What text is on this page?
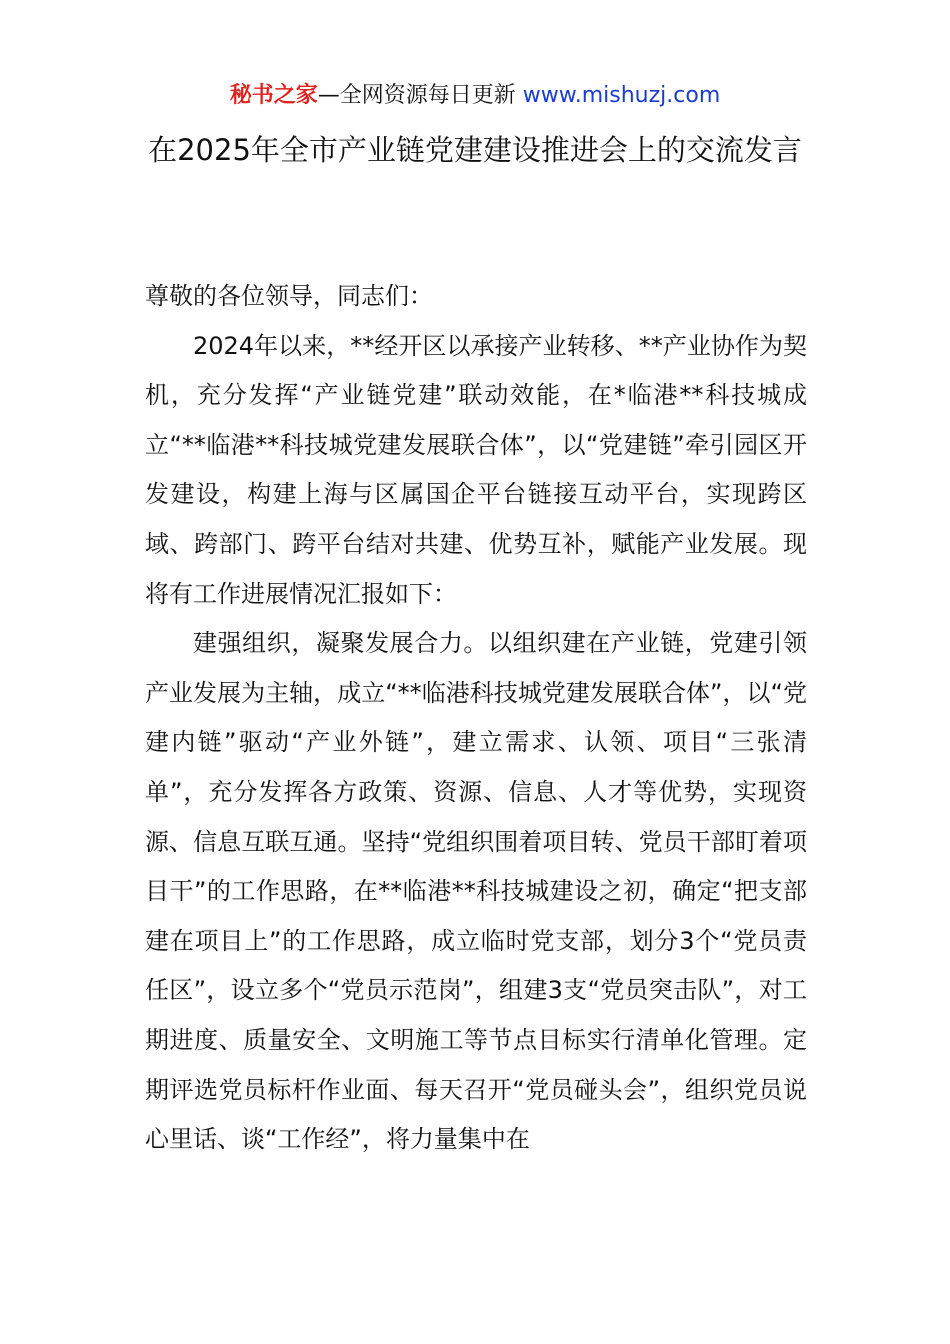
秘书之家—全网资源每日更新 www.mishuzj.com
在2025年全市产业链党建建设推进会上的交流发言

尊敬的各位领导，同志们：

2024年以来，**经开区以承接产业转移、**产业协作为契机，充分发挥“产业链党建”联动效能，在*临港**科技城成立“**临港**科技城党建发展联合体”，以“党建链”牵引园区开发建设，构建上海与区属国企平台链接互动平台，实现跨区域、跨部门、跨平台结对共建、优势互补，赋能产业发展。现将有工作进展情况汇报如下：

建强组织，凝聚发展合力。以组织建在产业链，党建引领产业发展为主轴，成立“**临港科技城党建发展联合体”，以“党建内链”驱动“产业外链”，建立需求、认领、项目“三张清单”，充分发挥各方政策、资源、信息、人才等优势，实现资源、信息互联互通。坚持“党组织围着项目转、党员干部盯着项目干”的工作思路，在**临港**科技城建设之初，确定“把支部建在项目上”的工作思路，成立临时党支部，划分3个“党员责任区”，设立多个“党员示范岗”，组建3支“党员突击队”，对工期进度、质量安全、文明施工等节点目标实行清单化管理。定期评选党员标杆作业面、每天召开“党员碰头会”，组织党员说心里话、谈“工作经”，将力量集中在
